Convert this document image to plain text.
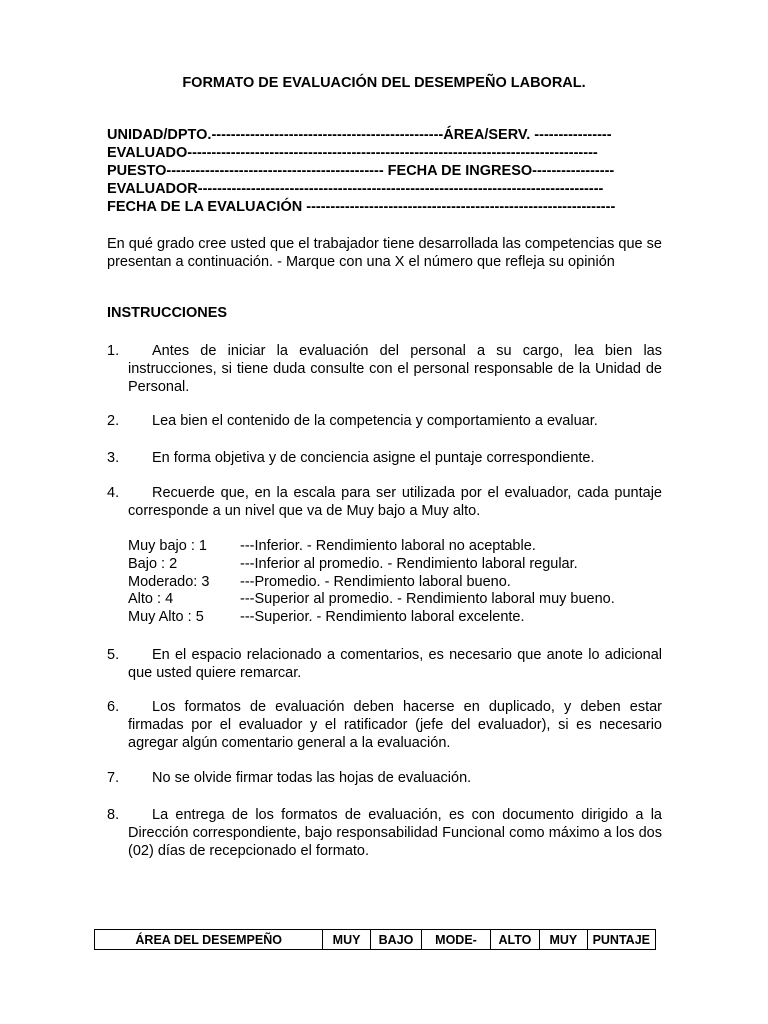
FORMATO DE EVALUACIÓN DEL DESEMPEÑO LABORAL.
UNIDAD/DPTO.------------------------------------------------ÁREA/SERV. ----------------
EVALUADO-------------------------------------------------------------------------------------
PUESTO--------------------------------------------- FECHA DE INGRESO-----------------
EVALUADOR------------------------------------------------------------------------------------
FECHA DE LA EVALUACIÓN ----------------------------------------------------------------
En qué grado cree usted que el trabajador tiene desarrollada las competencias que se presentan a continuación. - Marque con una X el número que refleja su opinión
INSTRUCCIONES
1.	Antes de iniciar la evaluación del personal a su cargo, lea bien las instrucciones, si tiene duda consulte con el personal responsable de la Unidad de Personal.
2.	Lea bien el contenido de la competencia y comportamiento a evaluar.
3.	En forma objetiva y de conciencia asigne el puntaje correspondiente.
4.	Recuerde que, en la escala para ser utilizada por el evaluador, cada puntaje corresponde a un nivel que va de Muy bajo a Muy alto.
Muy bajo : 1 ---Inferior. - Rendimiento laboral no aceptable.
Bajo : 2	---Inferior al promedio. - Rendimiento laboral regular.
Moderado: 3 ---Promedio. - Rendimiento laboral bueno.
Alto : 4	---Superior al promedio. - Rendimiento laboral muy bueno.
Muy Alto : 5 ---Superior. - Rendimiento laboral excelente.
5.	En el espacio relacionado a comentarios, es necesario que anote lo adicional que usted quiere remarcar.
6.	Los formatos de evaluación deben hacerse en duplicado, y deben estar firmadas por el evaluador y el ratificador (jefe del evaluador), si es necesario agregar algún comentario general a la evaluación.
7.	No se olvide firmar todas las hojas de evaluación.
8.	La entrega de los formatos de evaluación, es con documento dirigido a la Dirección correspondiente, bajo responsabilidad Funcional como máximo a los dos (02) días de recepcionado el formato.
ÁREA DEL DESEMPEÑO	MUY	BAJO	MODE-	ALTO	MUY	PUNTAJE
